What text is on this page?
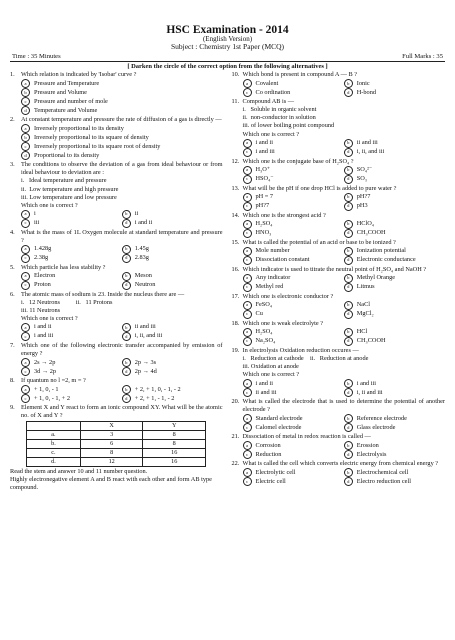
HSC Examination - 2014
(English Version)
Subject : Chemistry 1st Paper (MCQ)
Time : 35 Minutes	Full Marks : 35
[ Darken the circle of the correct option from the following alternatives ]
1. Which relation is indicated by 'Isobar' curve ?
a	Pressure and Temperature
b	Pressure and Volume
c	Pressure and number of mole
d	Temperature and Volume
2. At constant temperature and pressure the rate of diffusion of a gas is directly —
a	Inversely proportional to its density
b	Inversely proportional to its square of density
c	Inversely proportional to its square root of density
d	Proportional to its density
3. The conditions to observe the deviation of a gas from ideal behaviour or from ideal behaviour to deviation are :
i.   Ideal temperature and pressure
ii.  Low temperature and high pressure
iii. Low temperature and low pressure
Which one is correct ?
a	i	b	ii
c	iii	d	i and ii
4. What is the mass of 1L Oxygen molecule at standard temperature and pressure ?
a	1.428g	b	1.45g
c	2.38g	d	2.83g
5. Which particle has less stability ?
a	Electron	b	Meson
c	Proton	d	Neutron
6. The atomic mass of sodium is 23. Inside the nucleus there are —
i.   12 Neutrons          ii.   11 Protons
iii. 11 Neutrons
Which one is correct ?
a	i and ii	b	ii and iii
c	i and iii	d	i, ii, and iii
7. Which one of the following electronic transfer accompanied by emission of energy ?
a	2s → 2p	b	2p → 3s
c	3d → 2p	d	2p → 4d
8. If quantum no l =2, m = ?
a	+ 1, 0, - 1	b	+ 2, + 1, 0, - 1, - 2
c	+ 1, 0, - 1, + 2	d	+ 2, + 1, - 1, - 2
9. Element X and Y react to form an ionic compound XY. What will be the atomic no. of X and Y ?
	X	Y
a.	3	8
b.	6	8
c.	8	16
d.	12	16
Read the stem and answer 10 and 11 number question.
Highly electronegative element A and B react with each other and form AB type compound.
10. Which bond is present in compound A — B ?
a	Covalent	b	Ionic
c	Co ordination	d	H-bond
11. Compound AB is —
i.   Soluble in organic solvent
ii.  non-conductor in solution
iii. of lower boiling point compound
Which one is correct ?
a	i and ii	b	ii and iii
c	i and iii	d	i, ii, and iii
12. Which one is the conjugate base of H₂SO₄ ?
a	H₃O⁺	b	SO₄²⁻
c	HSO₄⁻	d	SO₃
13. What will be the pH if one drop HCl is added to pure water ?
a	pH = 7	b	pH?7
c	pH?7	d	pH3
14. Which one is the strongest acid ?
a	H₂SO₄	b	HClO₄
c	HNO₃	d	CH₃COOH
15. What is called the potential of an acid or base to be ionized ?
a	Mole number	b	Ionization potential
c	Dissociation constant	d	Electronic conductance
16. Which indicator is used to titrate the neutral point of H₂SO₄ and NaOH ?
a	Any indicator	b	Methyl Orange
c	Methyl red	d	Litmus
17. Which one is electronic conductor ?
a	FeSO₄	b	NaCl
c	Cu	d	MgCl₂
18. Which one is weak electrolyte ?
a	H₂SO₄	b	HCl
c	Na₂SO₄	d	CH₃COOH
19. In electrolysis Oxidation reduction occures —
i.   Reduction at cathode    ii.   Reduction at anode
iii. Oxidation at anode
Which one is correct ?
a	i and ii	b	i and iii
c	ii and iii	d	i, ii and iii
20. What is called the electrode that is used to determine the potential of another electrode ?
a	Standard electrode	b	Reference electrode
c	Calomel electrode	d	Glass electrode
21. Dissociation of metal in redox reaction is called —
a	Corrosion	b	Erossion
c	Reduction	d	Electrolysis
22. What is called the cell which converts electric energy from chemical energy ?
a	Electrolytic cell	b	Electrochemical cell
c	Electric cell	d	Electro reduction cell
